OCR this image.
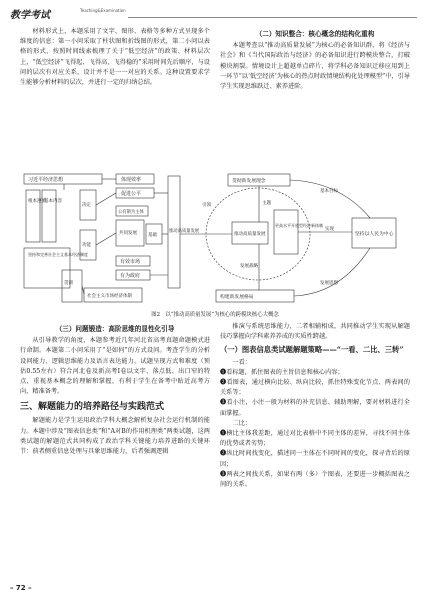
教学考试	Teaching&Examination

材料形式上，本题采用了文字、图形、表格等多种方式呈现多个维度的信息：第一小问采取了柱状图和折线图的形式，第二小问以表格的形式、按照时间线索梳理了关于“低空经济”的政策、材料层次上，“低空经济”飞得起、飞得高、飞得稳的”采用时间先后顺序，与设问的层次有对应关系，设计并不是一一对应的关系。这种设置要求学生能够分析材料的层次，并进行一定的归纳总结。

（二）知识整合：核心概念的结构化重构

本题考查以“推动高质量发展”为核心的必备知识群，将《经济与社会》和《当代国际政治与经济》的必备知识进行跨模块整合，打破模块割裂。情境设计上超越单点碎片，将学科必备知识迁移应用到上一环节“以‘低空经济’为核心的热点时政情境结构化处理模型”中，引导学生实现思维跃迁、素养进阶。

习近平经济思想	体现效率
促进公平
公有制为主体
共同发展 基础
有效市场
有为政府
社会主义市场经济体制
坚持和完善社会主义基本经济制度
根本遵循
基本内容
决定
功能
贯彻
推动高质量发展
贯彻新发展理念
推动高质量发展
构建新发展格局
更高水平开放型经济新体制
坚持以人民为中心
引领	主题
基本目标
发展思想
发展战略
实现
图2　以“推动高质量发展”为核心的跨模块核心大概念
（三）问题锻造：高阶思维的显性化引导

从引导教学的角度，本题参考近几年河北省高考真题命题模式进行命制。本题第二小问采用了“是如何”的方式设问。考查学生的分析设问能力、逻辑思维能力及语言表达能力。试题呈现方式和难度（预估0.55左右）符合河北卷及新高考Ⅰ卷以文字、落点低、出口窄的特点，重视基本概念的理解和掌握。有利于学生在备考中贴近高考方向，精准备考。

三、解题能力的培养路径与实践范式

解题能力是学生运用政治学科大概念解析复杂社会运行机制的能力。本题中涉及“图表信息类”和“A对B的作用机理类”两类试题，这两类试题的解题范式共同构成了政治学科关键能力培养进路的关键环节：前者侧重信息处理与具象思维能力，后者强调逻辑

推演与系统思维能力，二者相辅相成，共同推动学生实现从解题技巧掌握向学科素养养成的实质性跨越。

（一）图表信息类试题解题策略——“一看、二比、三转”

一看：

❶看标题，抓住图表的主旨信息和核心内容；

❷看图表，通过横向比较、纵向比较，抓住特殊变化节点、两表间的关系等；

❸看小注，小注一般为材料的补充信息、辅助理解，要对材料进行全面掌握。

二比：

❶横比主体我差距，通过对比表格中不同主体的差异，寻找不同主体的优势或者劣势；

❷纵比时间找变化，描述同一主体在不同时间的变化，探寻背后的原因；

❸两表之间找关系，如果有两（多）个图表，还要进一步概括图表之间的关系。

– 72 –
